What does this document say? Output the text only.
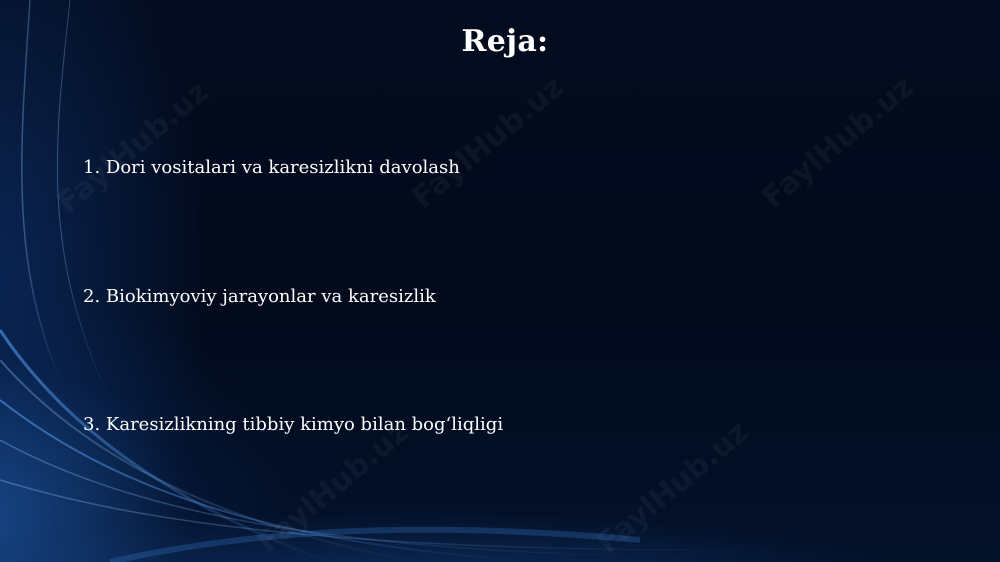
Reja:
1. Dori vositalari va karesizlikni davolash
2. Biokimyoviy jarayonlar va karesizlik
3. Karesizlikning tibbiy kimyo bilan bogʻliqligi
